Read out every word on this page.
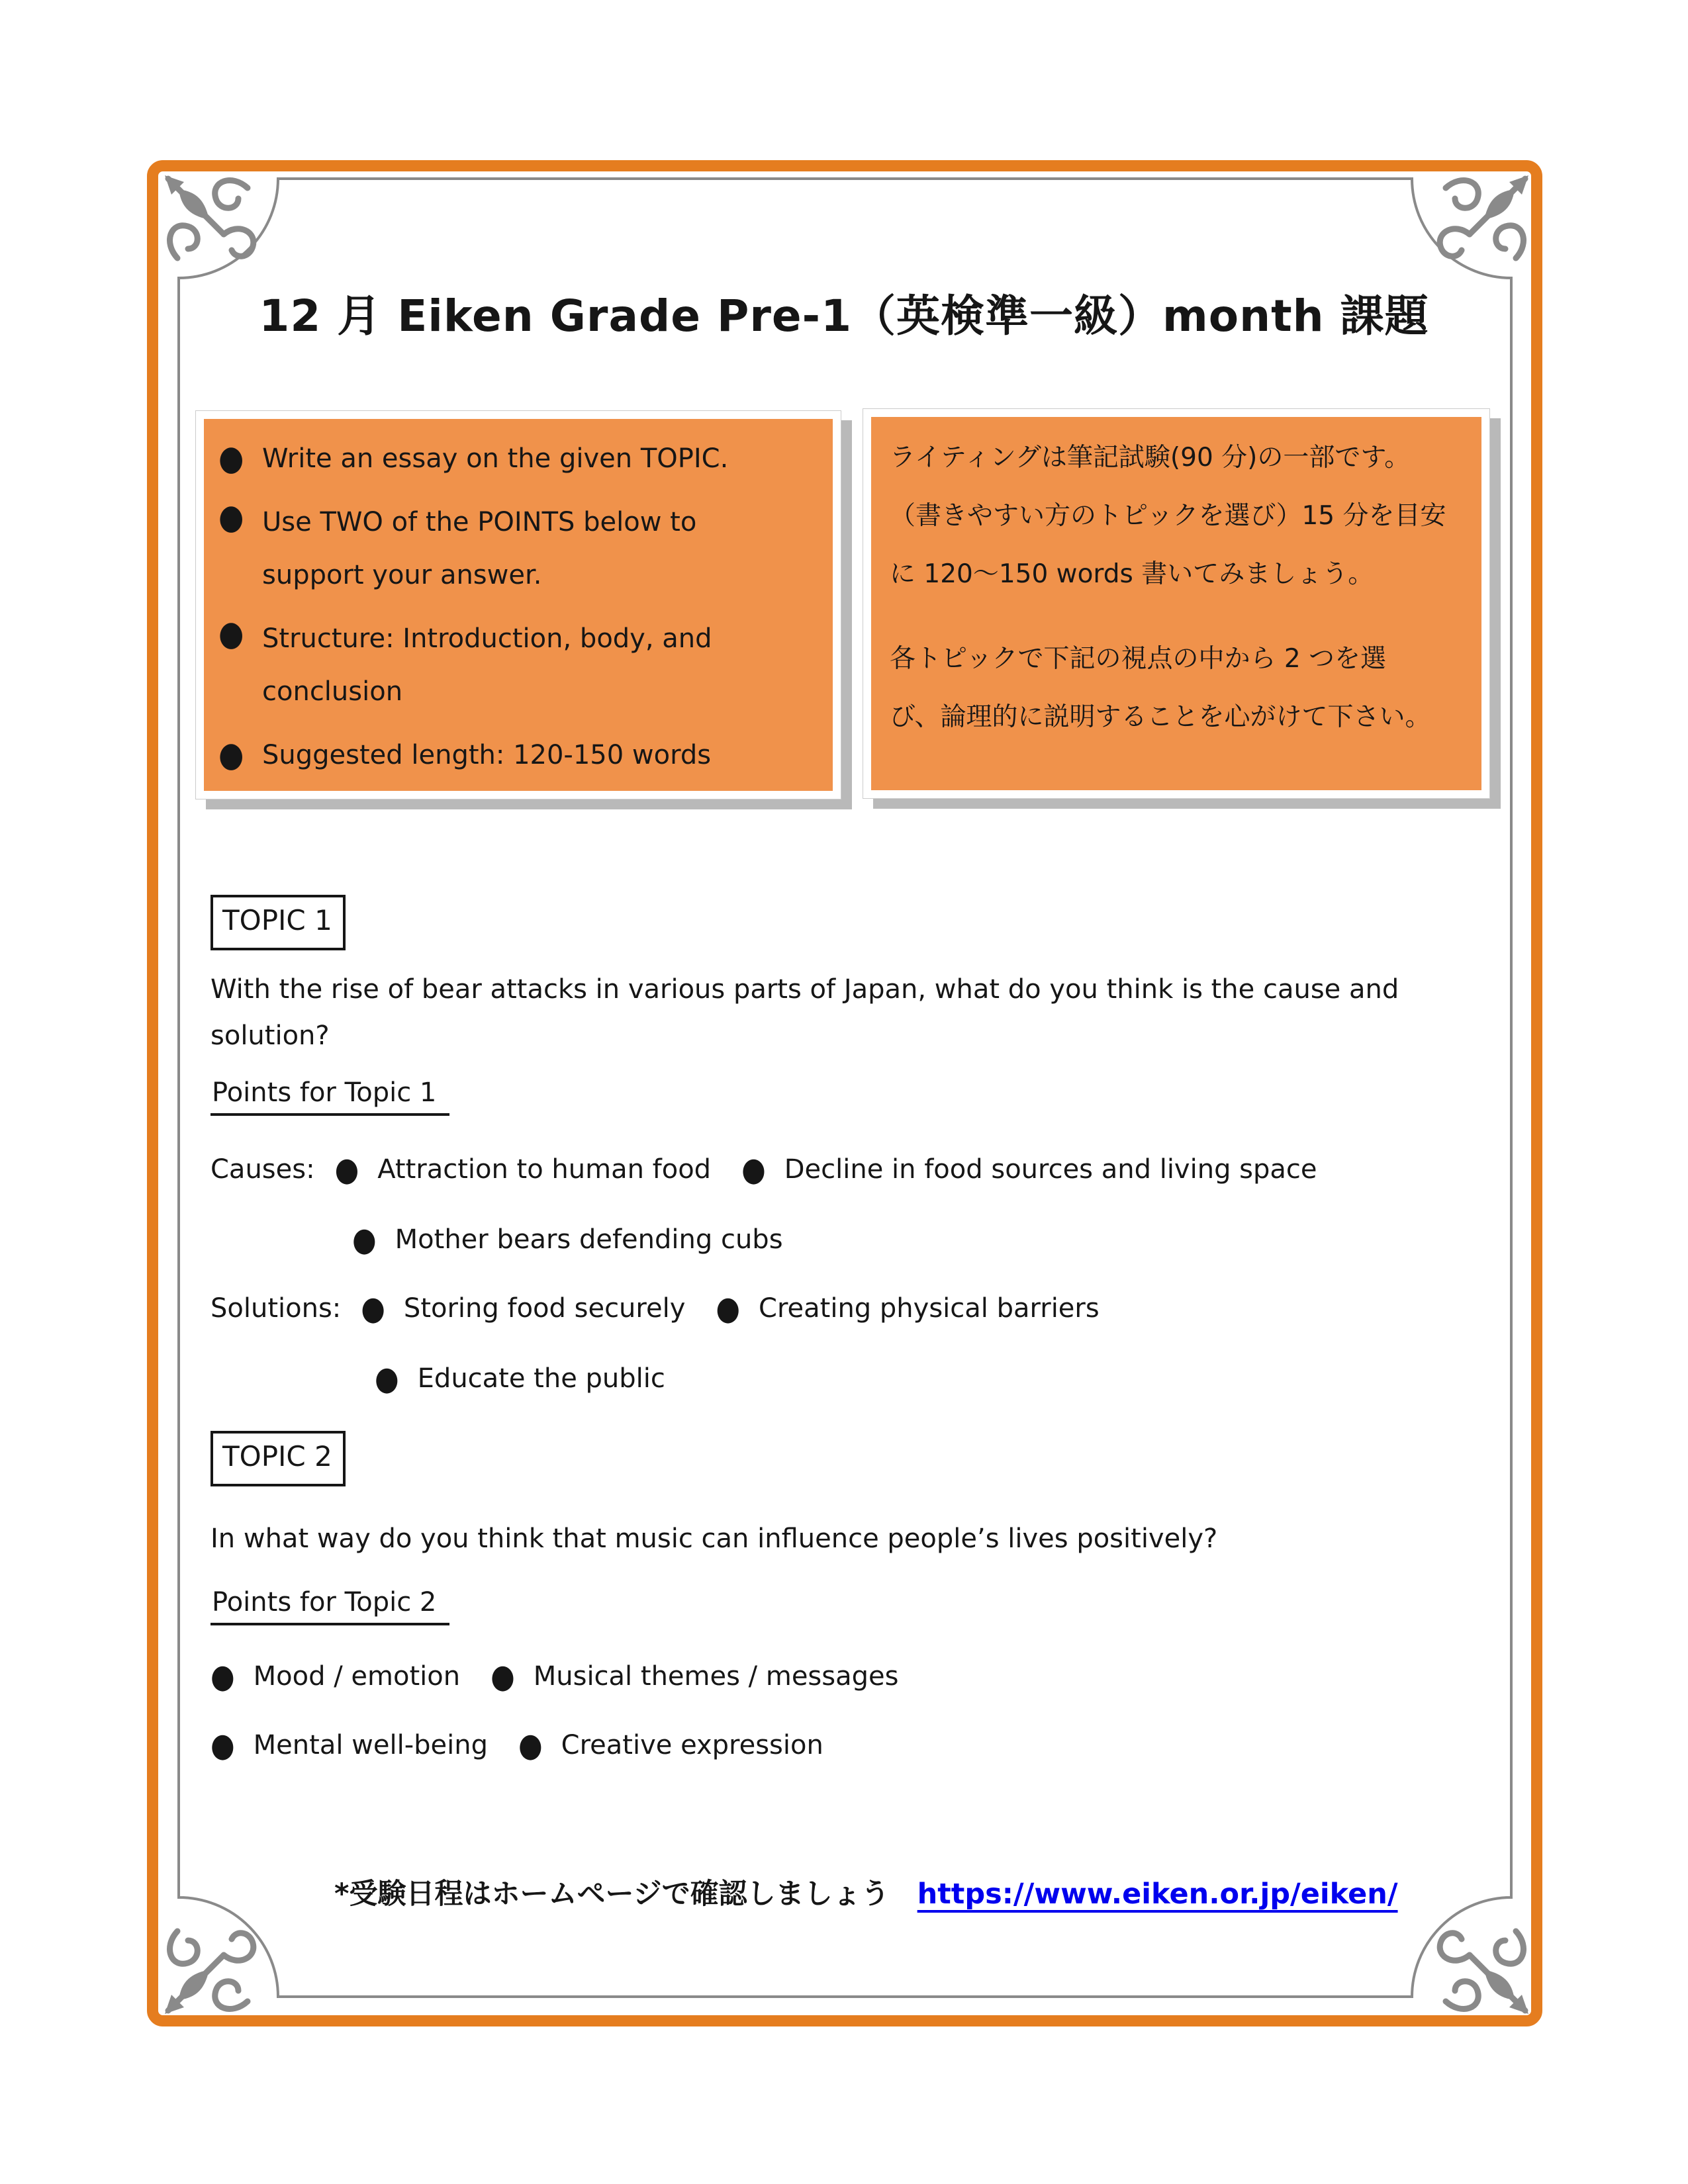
12 月 Eiken Grade Pre-1（英検準一級）month 課題
● Write an essay on the given TOPIC.
● Use TWO of the POINTS below to
support your answer.
● Structure: Introduction, body, and
conclusion
● Suggested length: 120-150 words
ライティングは筆記試験(90 分)の一部です。
（書きやすい方のトピックを選び）15 分を目安
に 120～150 words 書いてみましょう。
各トピックで下記の視点の中から 2 つを選
び、論理的に説明することを心がけて下さい。
TOPIC 1
With the rise of bear attacks in various parts of Japan, what do you think is the cause and
solution?
Points for Topic 1
Causes: ● Attraction to human food ● Decline in food sources and living space
● Mother bears defending cubs
Solutions: ● Storing food securely ● Creating physical barriers
● Educate the public
TOPIC 2
In what way do you think that music can influence people’s lives positively?
Points for Topic 2
● Mood / emotion ● Musical themes / messages
● Mental well-being ● Creative expression
*受験日程はホームページで確認しましょう https://www.eiken.or.jp/eiken/
